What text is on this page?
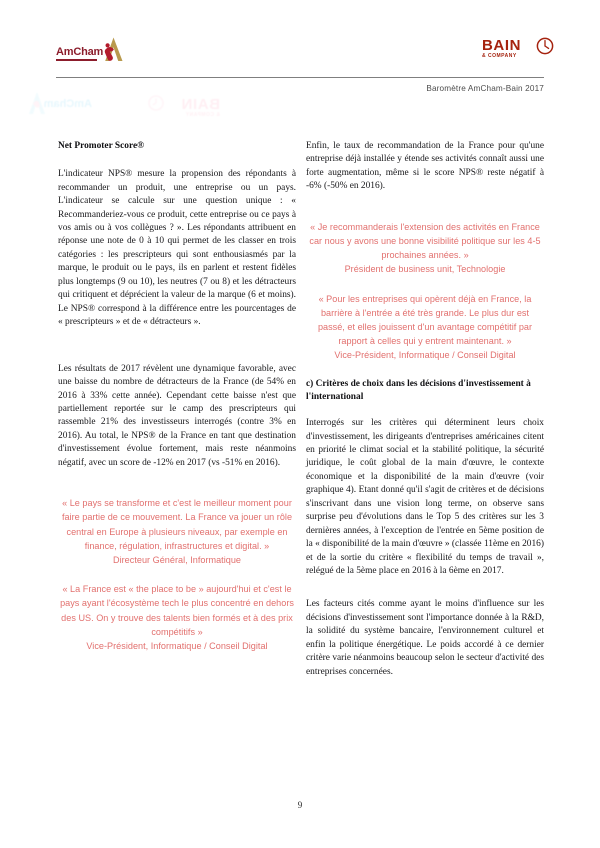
AmCham	BAIN
& COMPANY
AmCham	BAIN
& COMPANY
Baromètre AmCham-Bain 2017
Net Promoter Score®

L'indicateur NPS® mesure la propension des répondants à recommander un produit, une entreprise ou un pays. L'indicateur se calcule sur une question unique : « Recommanderiez-vous ce produit, cette entreprise ou ce pays à vos amis ou à vos collègues ? ». Les répondants attribuent en réponse une note de 0 à 10 qui permet de les classer en trois catégories : les prescripteurs qui sont enthousiasmés par la marque, le produit ou le pays, ils en parlent et restent fidèles plus longtemps (9 ou 10), les neutres (7 ou 8) et les détracteurs qui critiquent et déprécient la valeur de la marque (6 et moins). Le NPS® correspond à la différence entre les pourcentages de « prescripteurs » et de « détracteurs ».

Les résultats de 2017 révèlent une dynamique favorable, avec une baisse du nombre de détracteurs de la France (de 54% en 2016 à 33% cette année). Cependant cette baisse n'est que partiellement reportée sur le camp des prescripteurs qui rassemble 21% des investisseurs interrogés (contre 3% en 2016). Au total, le NPS® de la France en tant que destination d'investissement évolue fortement, mais reste néanmoins négatif, avec un score de -12% en 2017 (vs -51% en 2016).

« Le pays se transforme et c'est le meilleur moment pour faire partie de ce mouvement. La France va jouer un rôle central en Europe à plusieurs niveaux, par exemple en finance, régulation, infrastructures et digital. »
Directeur Général, Informatique
« La France est « the place to be » aujourd'hui et c'est le pays ayant l'écosystème tech le plus concentré en dehors des US. On y trouve des talents bien formés et à des prix compétitifs »
Vice-Président, Informatique / Conseil Digital

Enfin, le taux de recommandation de la France pour qu'une entreprise déjà installée y étende ses activités connaît aussi une forte augmentation, même si le score NPS® reste négatif à -6% (-50% en 2016).

« Je recommanderais l'extension des activités en France car nous y avons une bonne visibilité politique sur les 4-5 prochaines années. »
Président de business unit, Technologie
« Pour les entreprises qui opèrent déjà en France, la barrière à l'entrée a été très grande. Le plus dur est passé, et elles jouissent d'un avantage compétitif par rapport à celles qui y entrent maintenant. »
Vice-Président, Informatique / Conseil Digital
c) Critères de choix dans les décisions d'investissement à l'international

Interrogés sur les critères qui déterminent leurs choix d'investissement, les dirigeants d'entreprises américaines citent en priorité le climat social et la stabilité politique, la sécurité juridique, le coût global de la main d'œuvre, le contexte économique et la disponibilité de la main d'œuvre (voir graphique 4). Etant donné qu'il s'agit de critères et de décisions s'inscrivant dans une vision long terme, on observe sans surprise peu d'évolutions dans le Top 5 des critères sur les 3 dernières années, à l'exception de l'entrée en 5ème position de la « disponibilité de la main d'œuvre » (classée 11ème en 2016) et de la sortie du critère « flexibilité du temps de travail », relégué de la 5ème place en 2016 à la 6ème en 2017.

Les facteurs cités comme ayant le moins d'influence sur les décisions d'investissement sont l'importance donnée à la R&D, la solidité du système bancaire, l'environnement culturel et enfin la politique énergétique. Le poids accordé à ce dernier critère varie néanmoins beaucoup selon le secteur d'activité des entreprises concernées.

9
